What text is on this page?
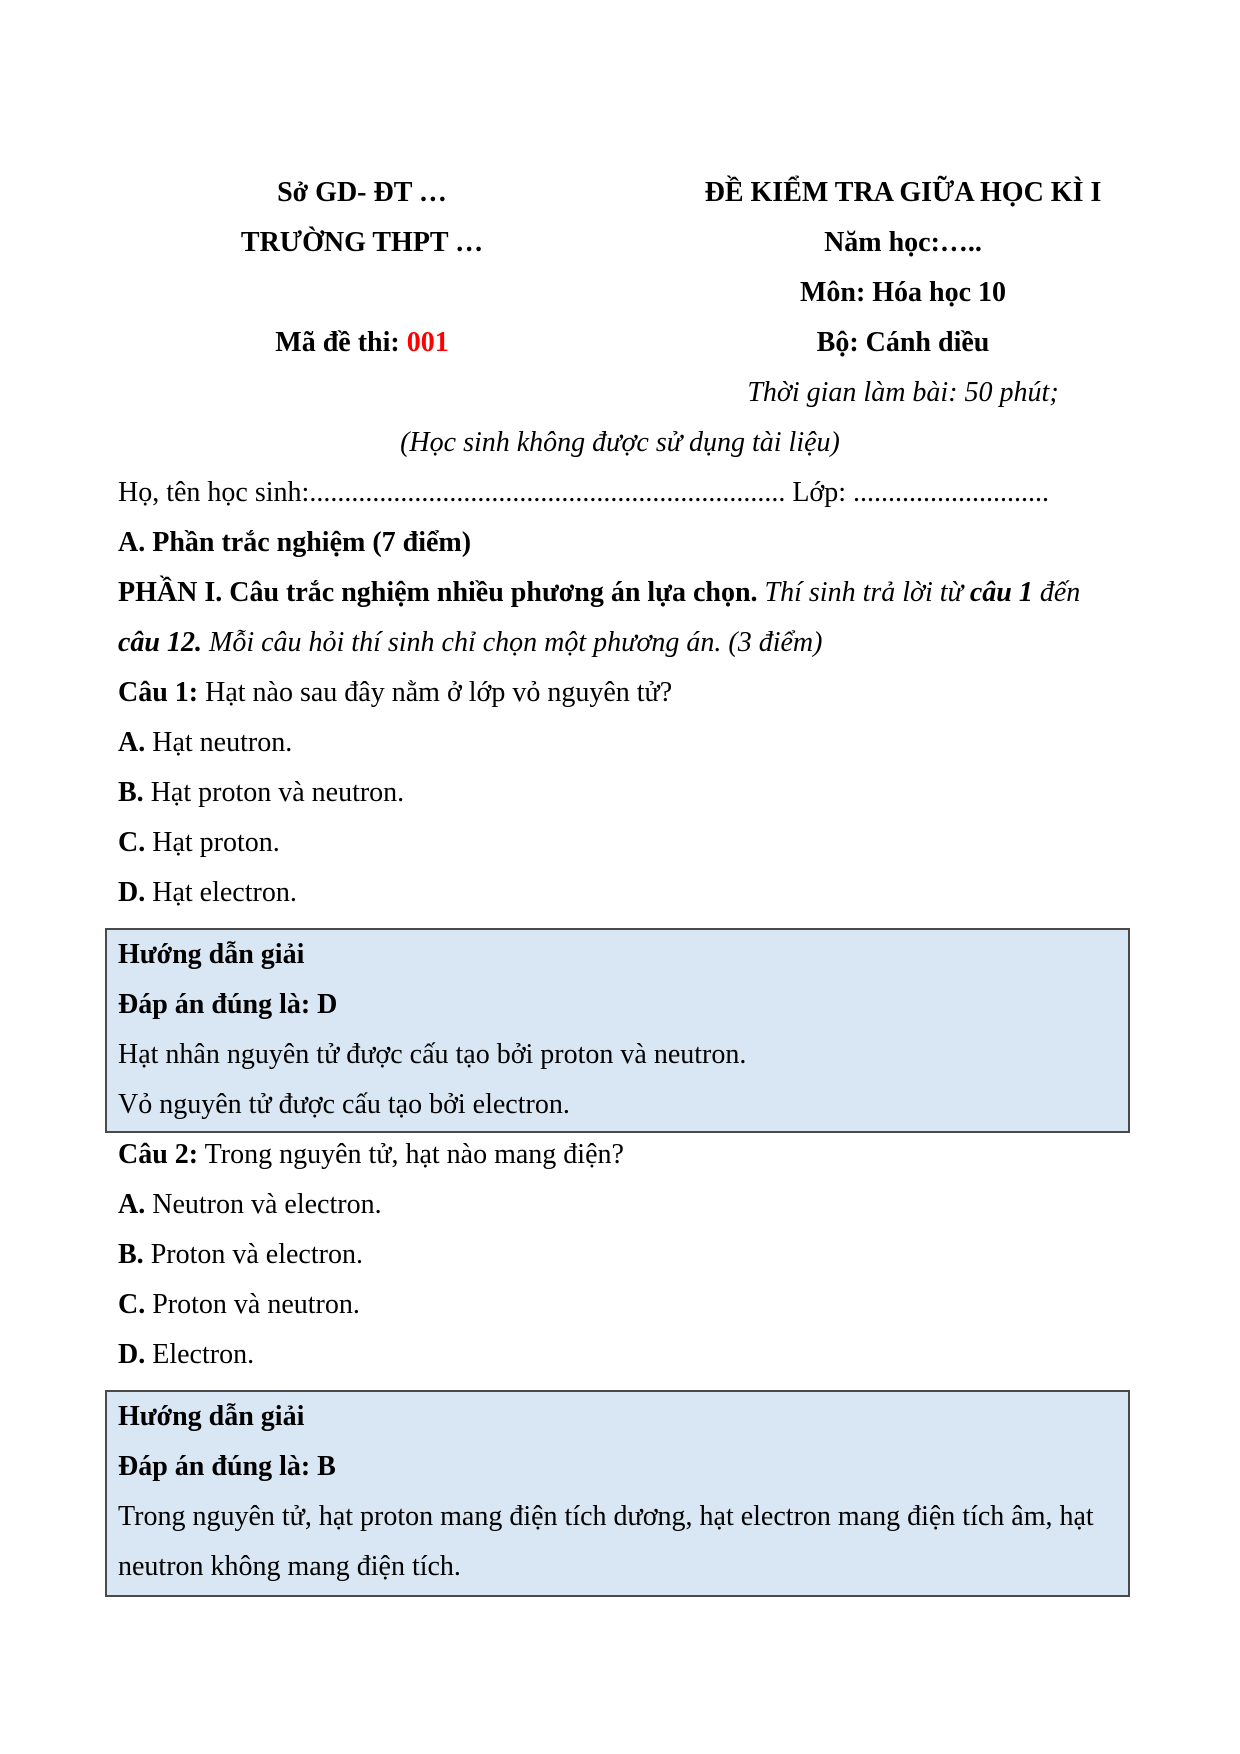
Sở GD- ĐT …
TRƯỜNG THPT …
Mã đề thi: 001
ĐỀ KIỂM TRA GIỮA HỌC KÌ I
Năm học:…..
Môn: Hóa học 10
Bộ: Cánh diều
Thời gian làm bài: 50 phút;
(Học sinh không được sử dụng tài liệu)
Họ, tên học sinh:.................................................................... Lớp: ............................
A. Phần trắc nghiệm (7 điểm)
PHẦN I. Câu trắc nghiệm nhiều phương án lựa chọn. Thí sinh trả lời từ câu 1 đến
câu 12. Mỗi câu hỏi thí sinh chỉ chọn một phương án. (3 điểm)
Câu 1: Hạt nào sau đây nằm ở lớp vỏ nguyên tử?
A. Hạt neutron.
B. Hạt proton và neutron.
C. Hạt proton.
D. Hạt electron.
Hướng dẫn giải
Đáp án đúng là: D
Hạt nhân nguyên tử được cấu tạo bởi proton và neutron.
Vỏ nguyên tử được cấu tạo bởi electron.
Câu 2: Trong nguyên tử, hạt nào mang điện?
A. Neutron và electron.
B. Proton và electron.
C. Proton và neutron.
D. Electron.
Hướng dẫn giải
Đáp án đúng là: B
Trong nguyên tử, hạt proton mang điện tích dương, hạt electron mang điện tích âm, hạt
neutron không mang điện tích.
